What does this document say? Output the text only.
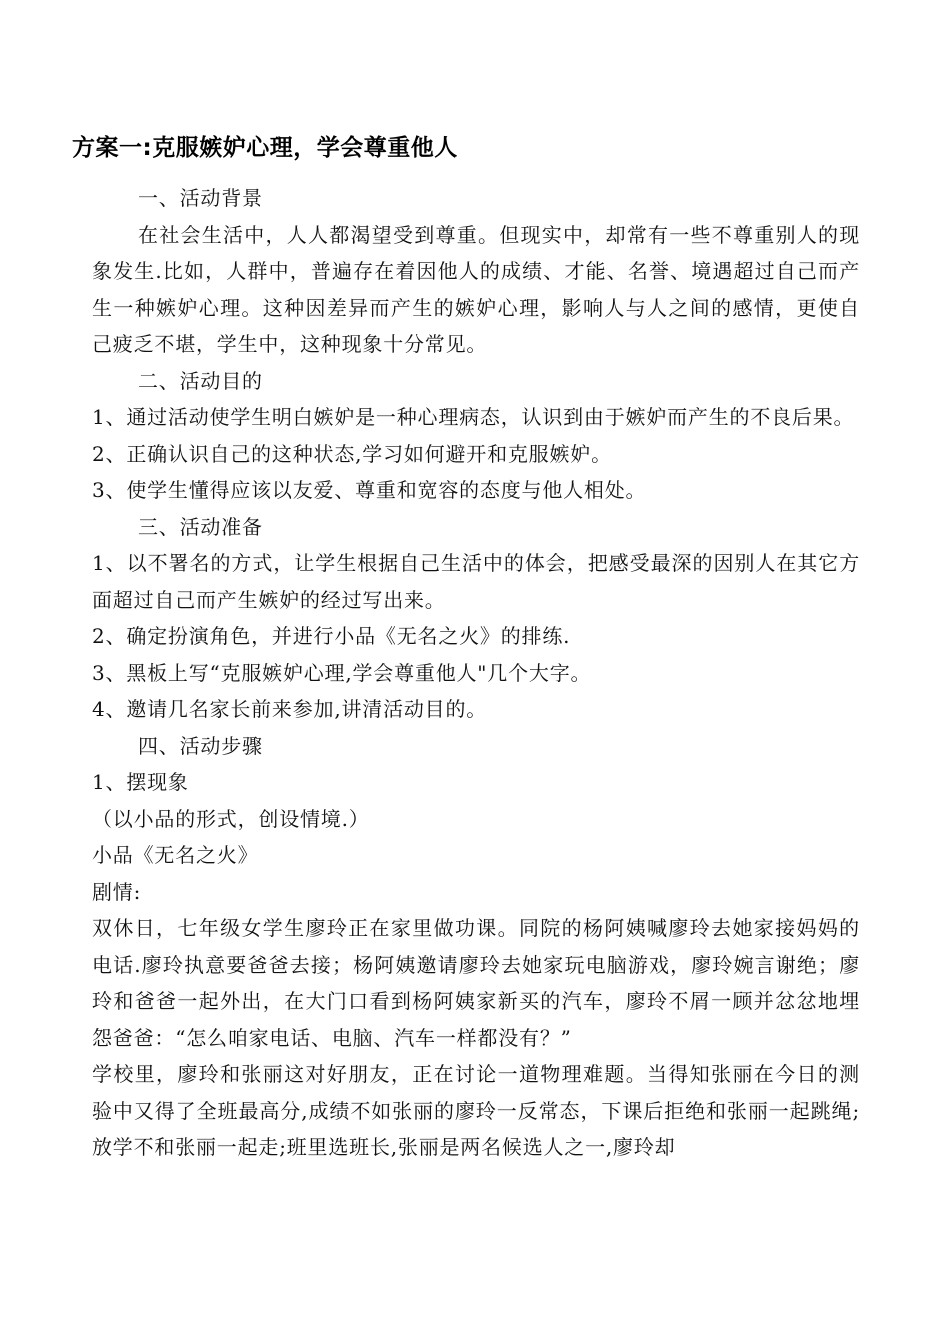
方案一:克服嫉妒心理，学会尊重他人
一、活动背景

在社会生活中，人人都渴望受到尊重。但现实中，却常有一些不尊重别人的现象发生.比如，人群中，普遍存在着因他人的成绩、才能、名誉、境遇超过自己而产生一种嫉妒心理。这种因差异而产生的嫉妒心理，影响人与人之间的感情，更使自己疲乏不堪，学生中，这种现象十分常见。

二、活动目的

1、通过活动使学生明白嫉妒是一种心理病态，认识到由于嫉妒而产生的不良后果。

2、正确认识自己的这种状态,学习如何避开和克服嫉妒。

3、使学生懂得应该以友爱、尊重和宽容的态度与他人相处。

三、活动准备

1、以不署名的方式，让学生根据自己生活中的体会，把感受最深的因别人在其它方面超过自己而产生嫉妒的经过写出来。

2、确定扮演角色，并进行小品《无名之火》的排练.

3、黑板上写“克服嫉妒心理,学会尊重他人"几个大字。

4、邀请几名家长前来参加,讲清活动目的。

四、活动步骤

1、摆现象

（以小品的形式，创设情境.）

小品《无名之火》

剧情:

双休日，七年级女学生廖玲正在家里做功课。同院的杨阿姨喊廖玲去她家接妈妈的电话.廖玲执意要爸爸去接；杨阿姨邀请廖玲去她家玩电脑游戏，廖玲婉言谢绝；廖玲和爸爸一起外出，在大门口看到杨阿姨家新买的汽车，廖玲不屑一顾并忿忿地埋怨爸爸：“怎么咱家电话、电脑、汽车一样都没有？”

学校里，廖玲和张丽这对好朋友，正在讨论一道物理难题。当得知张丽在今日的测验中又得了全班最高分,成绩不如张丽的廖玲一反常态，下课后拒绝和张丽一起跳绳;放学不和张丽一起走;班里选班长,张丽是两名候选人之一,廖玲却
